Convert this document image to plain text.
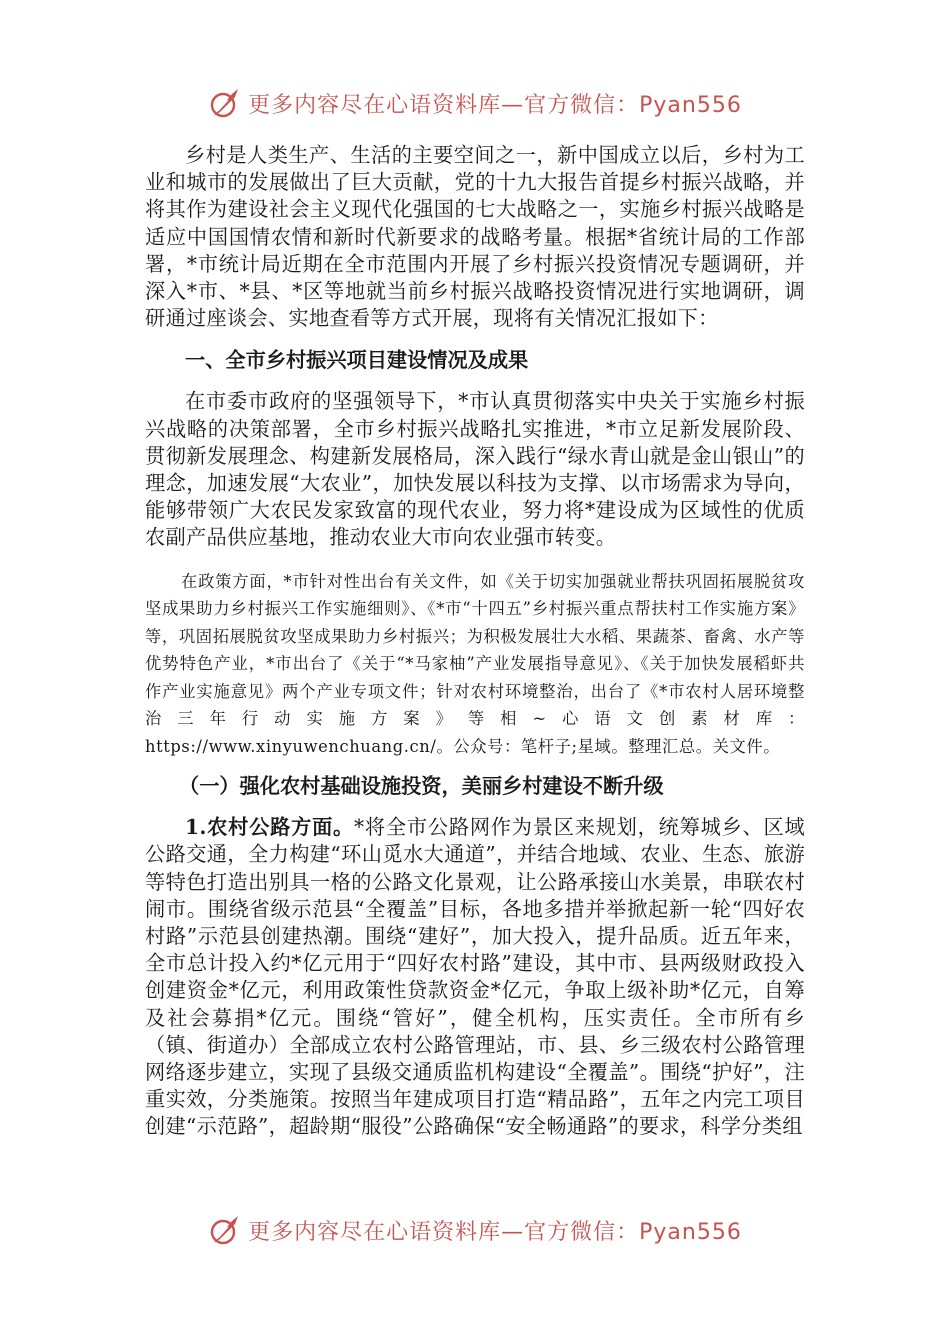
更多内容尽在心语资料库—官方微信：Pyan556

乡村是人类生产、生活的主要空间之一，新中国成立以后，乡村为工业和城市的发展做出了巨大贡献，党的十九大报告首提乡村振兴战略，并将其作为建设社会主义现代化强国的七大战略之一，实施乡村振兴战略是适应中国国情农情和新时代新要求的战略考量。根据*省统计局的工作部署，*市统计局近期在全市范围内开展了乡村振兴投资情况专题调研，并深入*市、*县、*区等地就当前乡村振兴战略投资情况进行实地调研，调研通过座谈会、实地查看等方式开展，现将有关情况汇报如下：

一、全市乡村振兴项目建设情况及成果

在市委市政府的坚强领导下，*市认真贯彻落实中央关于实施乡村振兴战略的决策部署，全市乡村振兴战略扎实推进，*市立足新发展阶段、贯彻新发展理念、构建新发展格局，深入践行“绿水青山就是金山银山”的理念，加速发展“大农业”，加快发展以科技为支撑、以市场需求为导向，能够带领广大农民发家致富的现代农业，努力将*建设成为区域性的优质农副产品供应基地，推动农业大市向农业强市转变。

在政策方面，*市针对性出台有关文件，如《关于切实加强就业帮扶巩固拓展脱贫攻坚成果助力乡村振兴工作实施细则》、《*市“十四五”乡村振兴重点帮扶村工作实施方案》等，巩固拓展脱贫攻坚成果助力乡村振兴；为积极发展壮大水稻、果蔬茶、畜禽、水产等优势特色产业，*市出台了《关于“*马家柚”产业发展指导意见》、《关于加快发展稻虾共作产业实施意见》两个产业专项文件；针对农村环境整治，出台了《*市农村人居环境整治三年行动实施方案》等相~心语文创素材库：https://www.xinyuwenchuang.cn/。公众号：笔杆子;星域。整理汇总。关文件。

（一）强化农村基础设施投资，美丽乡村建设不断升级

1.农村公路方面。*将全市公路网作为景区来规划，统筹城乡、区域公路交通，全力构建“环山觅水大通道”，并结合地域、农业、生态、旅游等特色打造出别具一格的公路文化景观，让公路承接山水美景，串联农村闹市。围绕省级示范县“全覆盖”目标，各地多措并举掀起新一轮“四好农村路”示范县创建热潮。围绕“建好”，加大投入，提升品质。近五年来，全市总计投入约*亿元用于“四好农村路”建设，其中市、县两级财政投入创建资金*亿元，利用政策性贷款资金*亿元，争取上级补助*亿元，自筹及社会募捐*亿元。围绕“管好”，健全机构，压实责任。全市所有乡（镇、街道办）全部成立农村公路管理站，市、县、乡三级农村公路管理网络逐步建立，实现了县级交通质监机构建设“全覆盖”。围绕“护好”，注重实效，分类施策。按照当年建成项目打造“精品路”，五年之内完工项目创建“示范路”，超龄期“服役”公路确保“安全畅通路”的要求，科学分类组

更多内容尽在心语资料库—官方微信：Pyan556
